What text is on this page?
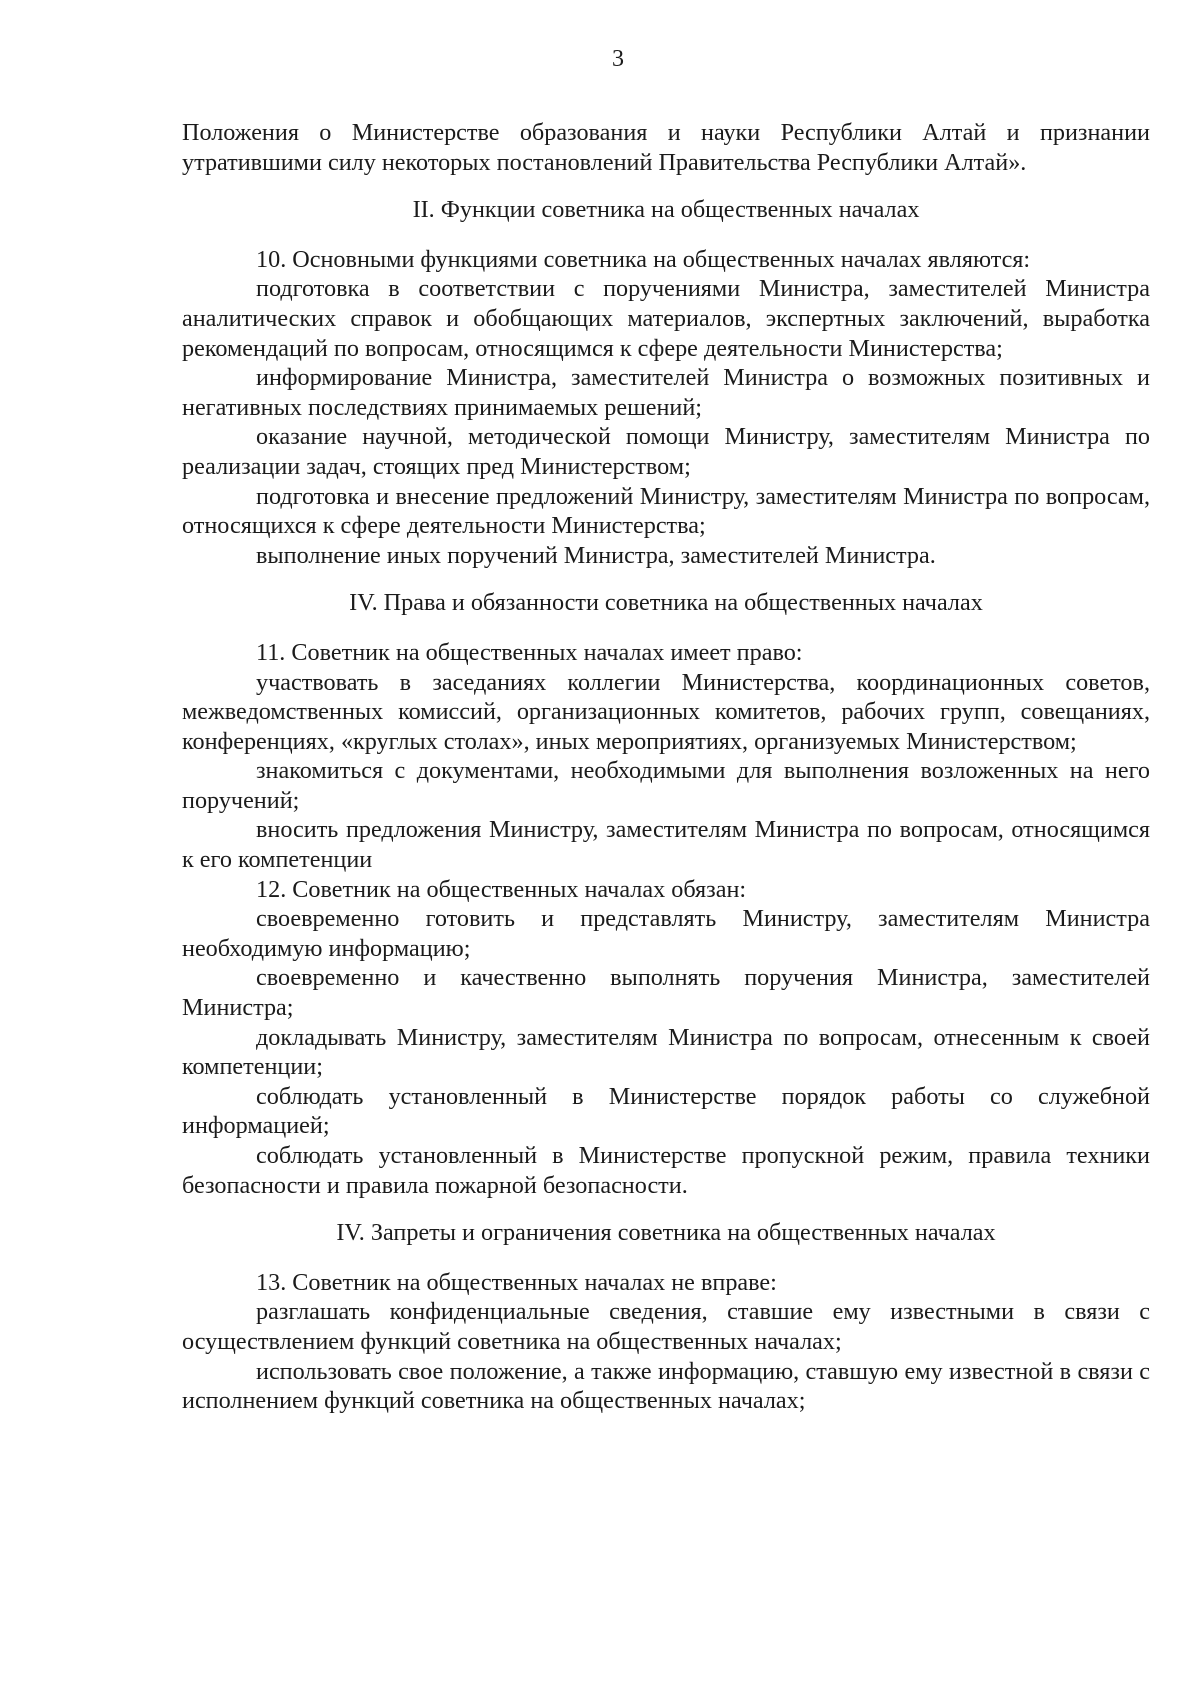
3

Положения о Министерстве образования и науки Республики Алтай и признании утратившими силу некоторых постановлений Правительства Республики Алтай».

II. Функции советника на общественных началах

10. Основными функциями советника на общественных началах являются:

подготовка в соответствии с поручениями Министра, заместителей Министра аналитических справок и обобщающих материалов, экспертных заключений, выработка рекомендаций по вопросам, относящимся к сфере деятельности Министерства;

информирование Министра, заместителей Министра о возможных позитивных и негативных последствиях принимаемых решений;

оказание научной, методической помощи Министру, заместителям Министра по реализации задач, стоящих пред Министерством;

подготовка и внесение предложений Министру, заместителям Министра по вопросам, относящихся к сфере деятельности Министерства;

выполнение иных поручений Министра, заместителей Министра.

IV. Права и обязанности советника на общественных началах

11. Советник на общественных началах имеет право:

участвовать в заседаниях коллегии Министерства, координационных советов, межведомственных комиссий, организационных комитетов, рабочих групп, совещаниях, конференциях, «круглых столах», иных мероприятиях, организуемых Министерством;

знакомиться с документами, необходимыми для выполнения возложенных на него поручений;

вносить предложения Министру, заместителям Министра по вопросам, относящимся к его компетенции

12. Советник на общественных началах обязан:

своевременно готовить и представлять Министру, заместителям Министра необходимую информацию;

своевременно и качественно выполнять поручения Министра, заместителей Министра;

докладывать Министру, заместителям Министра по вопросам, отнесенным к своей компетенции;

соблюдать установленный в Министерстве порядок работы со служебной информацией;

соблюдать установленный в Министерстве пропускной режим, правила техники безопасности и правила пожарной безопасности.

IV. Запреты и ограничения советника на общественных началах

13. Советник на общественных началах не вправе:

разглашать конфиденциальные сведения, ставшие ему известными в связи с осуществлением функций советника на общественных началах;

использовать свое положение, а также информацию, ставшую ему известной в связи с исполнением функций советника на общественных началах;
